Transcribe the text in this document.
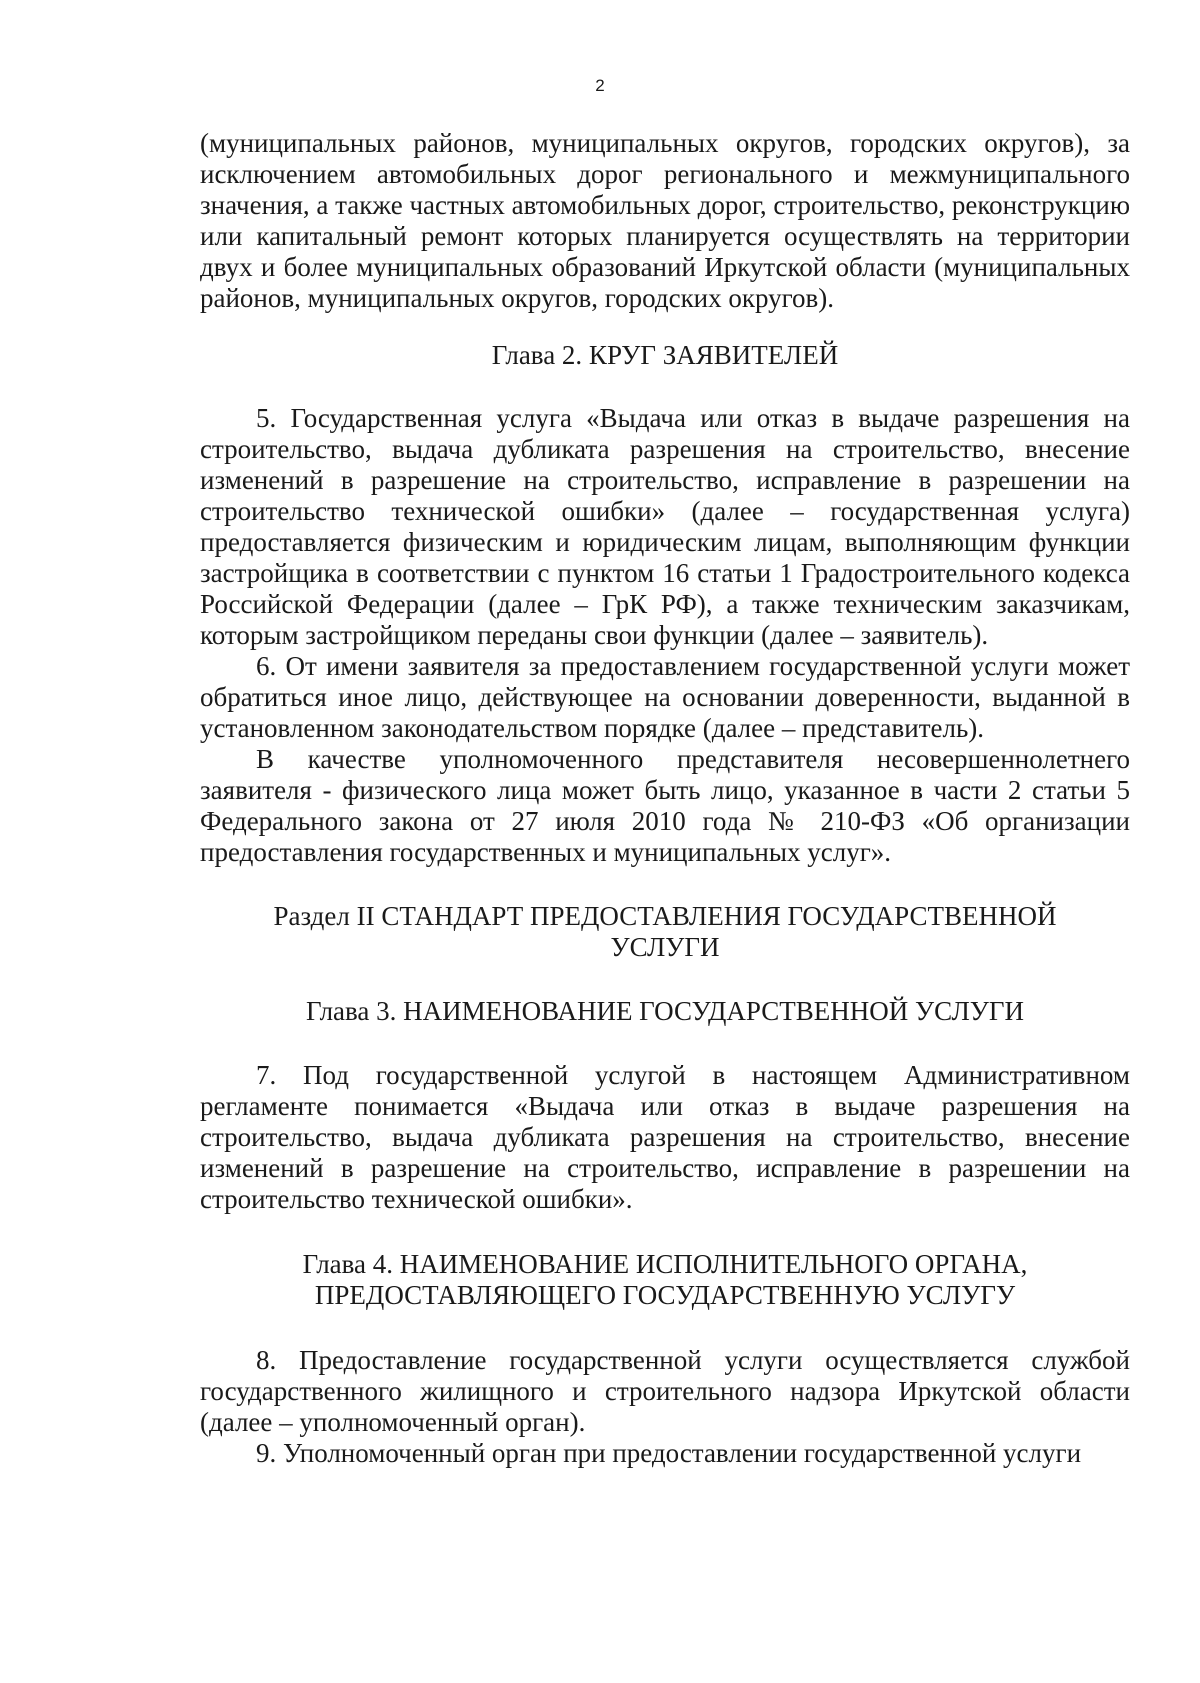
2

(муниципальных районов, муниципальных округов, городских округов), за исключением автомобильных дорог регионального и межмуниципального значения, а также частных автомобильных дорог, строительство, реконструкцию или капитальный ремонт которых планируется осуществлять на территории двух и более муниципальных образований Иркутской области (муниципальных районов, муниципальных округов, городских округов).

Глава 2. КРУГ ЗАЯВИТЕЛЕЙ

5. Государственная услуга «Выдача или отказ в выдаче разрешения на строительство, выдача дубликата разрешения на строительство, внесение изменений в разрешение на строительство, исправление в разрешении на строительство технической ошибки» (далее – государственная услуга) предоставляется физическим и юридическим лицам, выполняющим функции застройщика в соответствии с пунктом 16 статьи 1 Градостроительного кодекса Российской Федерации (далее – ГрК РФ), а также техническим заказчикам, которым застройщиком переданы свои функции (далее – заявитель).

6. От имени заявителя за предоставлением государственной услуги может обратиться иное лицо, действующее на основании доверенности, выданной в установленном законодательством порядке (далее – представитель).

В качестве уполномоченного представителя несовершеннолетнего заявителя - физического лица может быть лицо, указанное в части 2 статьи 5 Федерального закона от 27 июля 2010 года № 210-ФЗ «Об организации предоставления государственных и муниципальных услуг».

Раздел II СТАНДАРТ ПРЕДОСТАВЛЕНИЯ ГОСУДАРСТВЕННОЙ
УСЛУГИ
Глава 3. НАИМЕНОВАНИЕ ГОСУДАРСТВЕННОЙ УСЛУГИ

7. Под государственной услугой в настоящем Административном регламенте понимается «Выдача или отказ в выдаче разрешения на строительство, выдача дубликата разрешения на строительство, внесение изменений в разрешение на строительство, исправление в разрешении на строительство технической ошибки».

Глава 4. НАИМЕНОВАНИЕ ИСПОЛНИТЕЛЬНОГО ОРГАНА,
ПРЕДОСТАВЛЯЮЩЕГО ГОСУДАРСТВЕННУЮ УСЛУГУ

8. Предоставление государственной услуги осуществляется службой государственного жилищного и строительного надзора Иркутской области (далее – уполномоченный орган).

9. Уполномоченный орган при предоставлении государственной услуги
